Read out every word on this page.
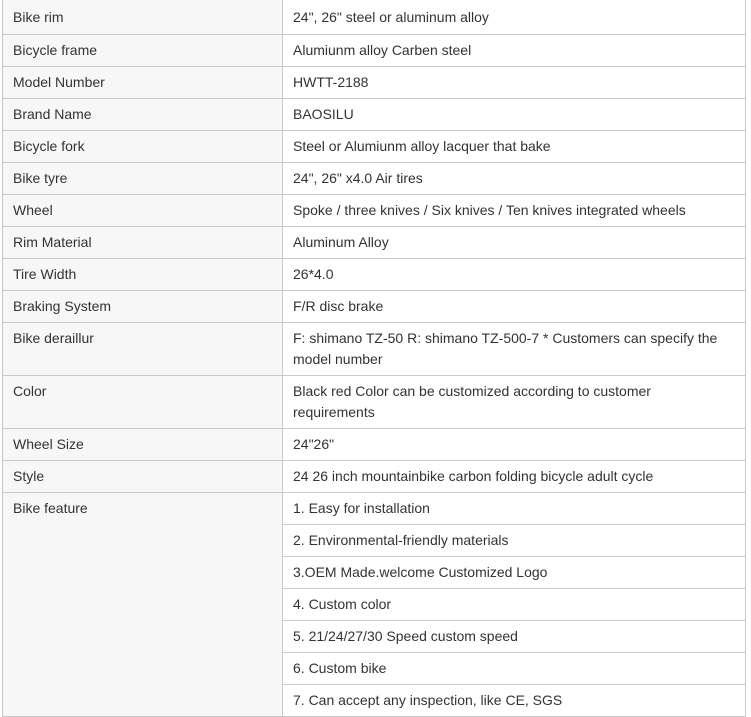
Bike rim	24", 26" steel or aluminum alloy
Bicycle frame	Alumiunm alloy Carben steel
Model Number	HWTT-2188
Brand Name	BAOSILU
Bicycle fork	Steel or Alumiunm alloy lacquer that bake
Bike tyre	24", 26" x4.0 Air tires
Wheel	Spoke / three knives / Six knives / Ten knives integrated wheels
Rim Material	Aluminum Alloy
Tire Width	26*4.0
Braking System	F/R disc brake
Bike deraillur	F: shimano TZ-50 R: shimano TZ-500-7 * Customers can specify the model number
Color	Black red Color can be customized according to customer requirements
Wheel Size	24"26"
Style	24 26 inch mountainbike carbon folding bicycle adult cycle
Bike feature	1. Easy for installation
	2. Environmental-friendly materials
	3.OEM Made.welcome Customized Logo
	4. Custom color
	5. 21/24/27/30 Speed custom speed
	6. Custom bike
	7. Can accept any inspection, like CE, SGS
